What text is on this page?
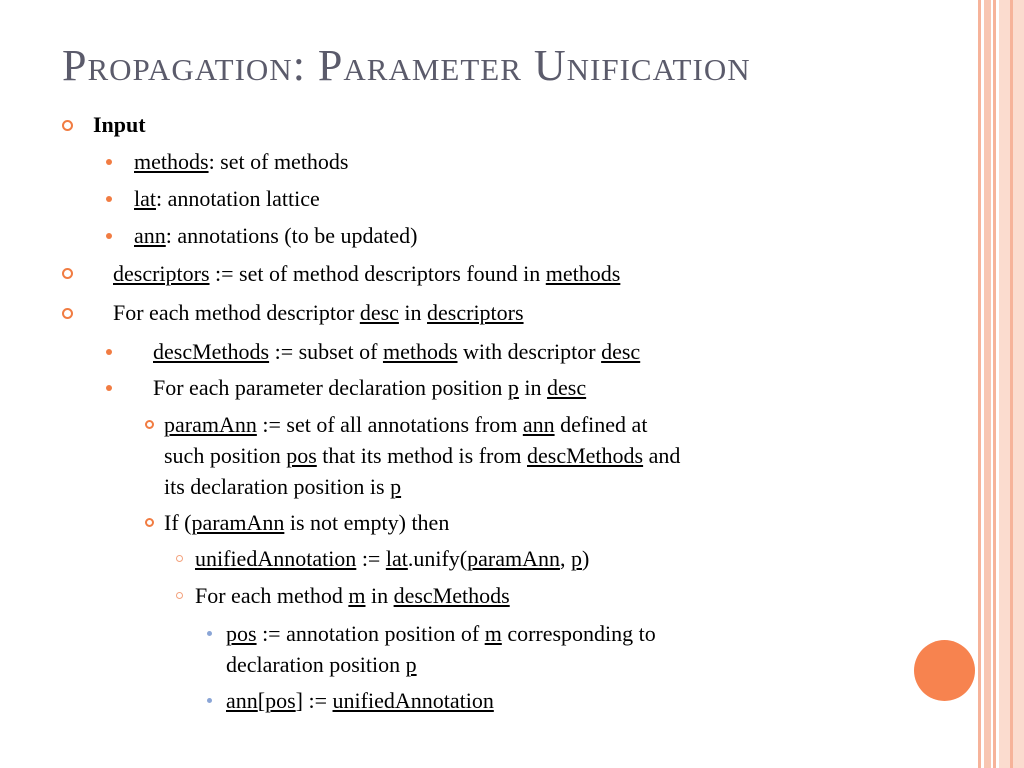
Propagation: Parameter Unification
Input
methods: set of methods
lat: annotation lattice
ann: annotations (to be updated)
descriptors := set of method descriptors found in methods
For each method descriptor desc in descriptors
descMethods := subset of methods with descriptor desc
For each parameter declaration position p in desc
paramAnn := set of all annotations from ann defined at
such position pos that its method is from descMethods and
its declaration position is p
If (paramAnn is not empty) then
unifiedAnnotation := lat.unify(paramAnn, p)
For each method m in descMethods
pos := annotation position of m corresponding to
declaration position p
ann[pos] := unifiedAnnotation
